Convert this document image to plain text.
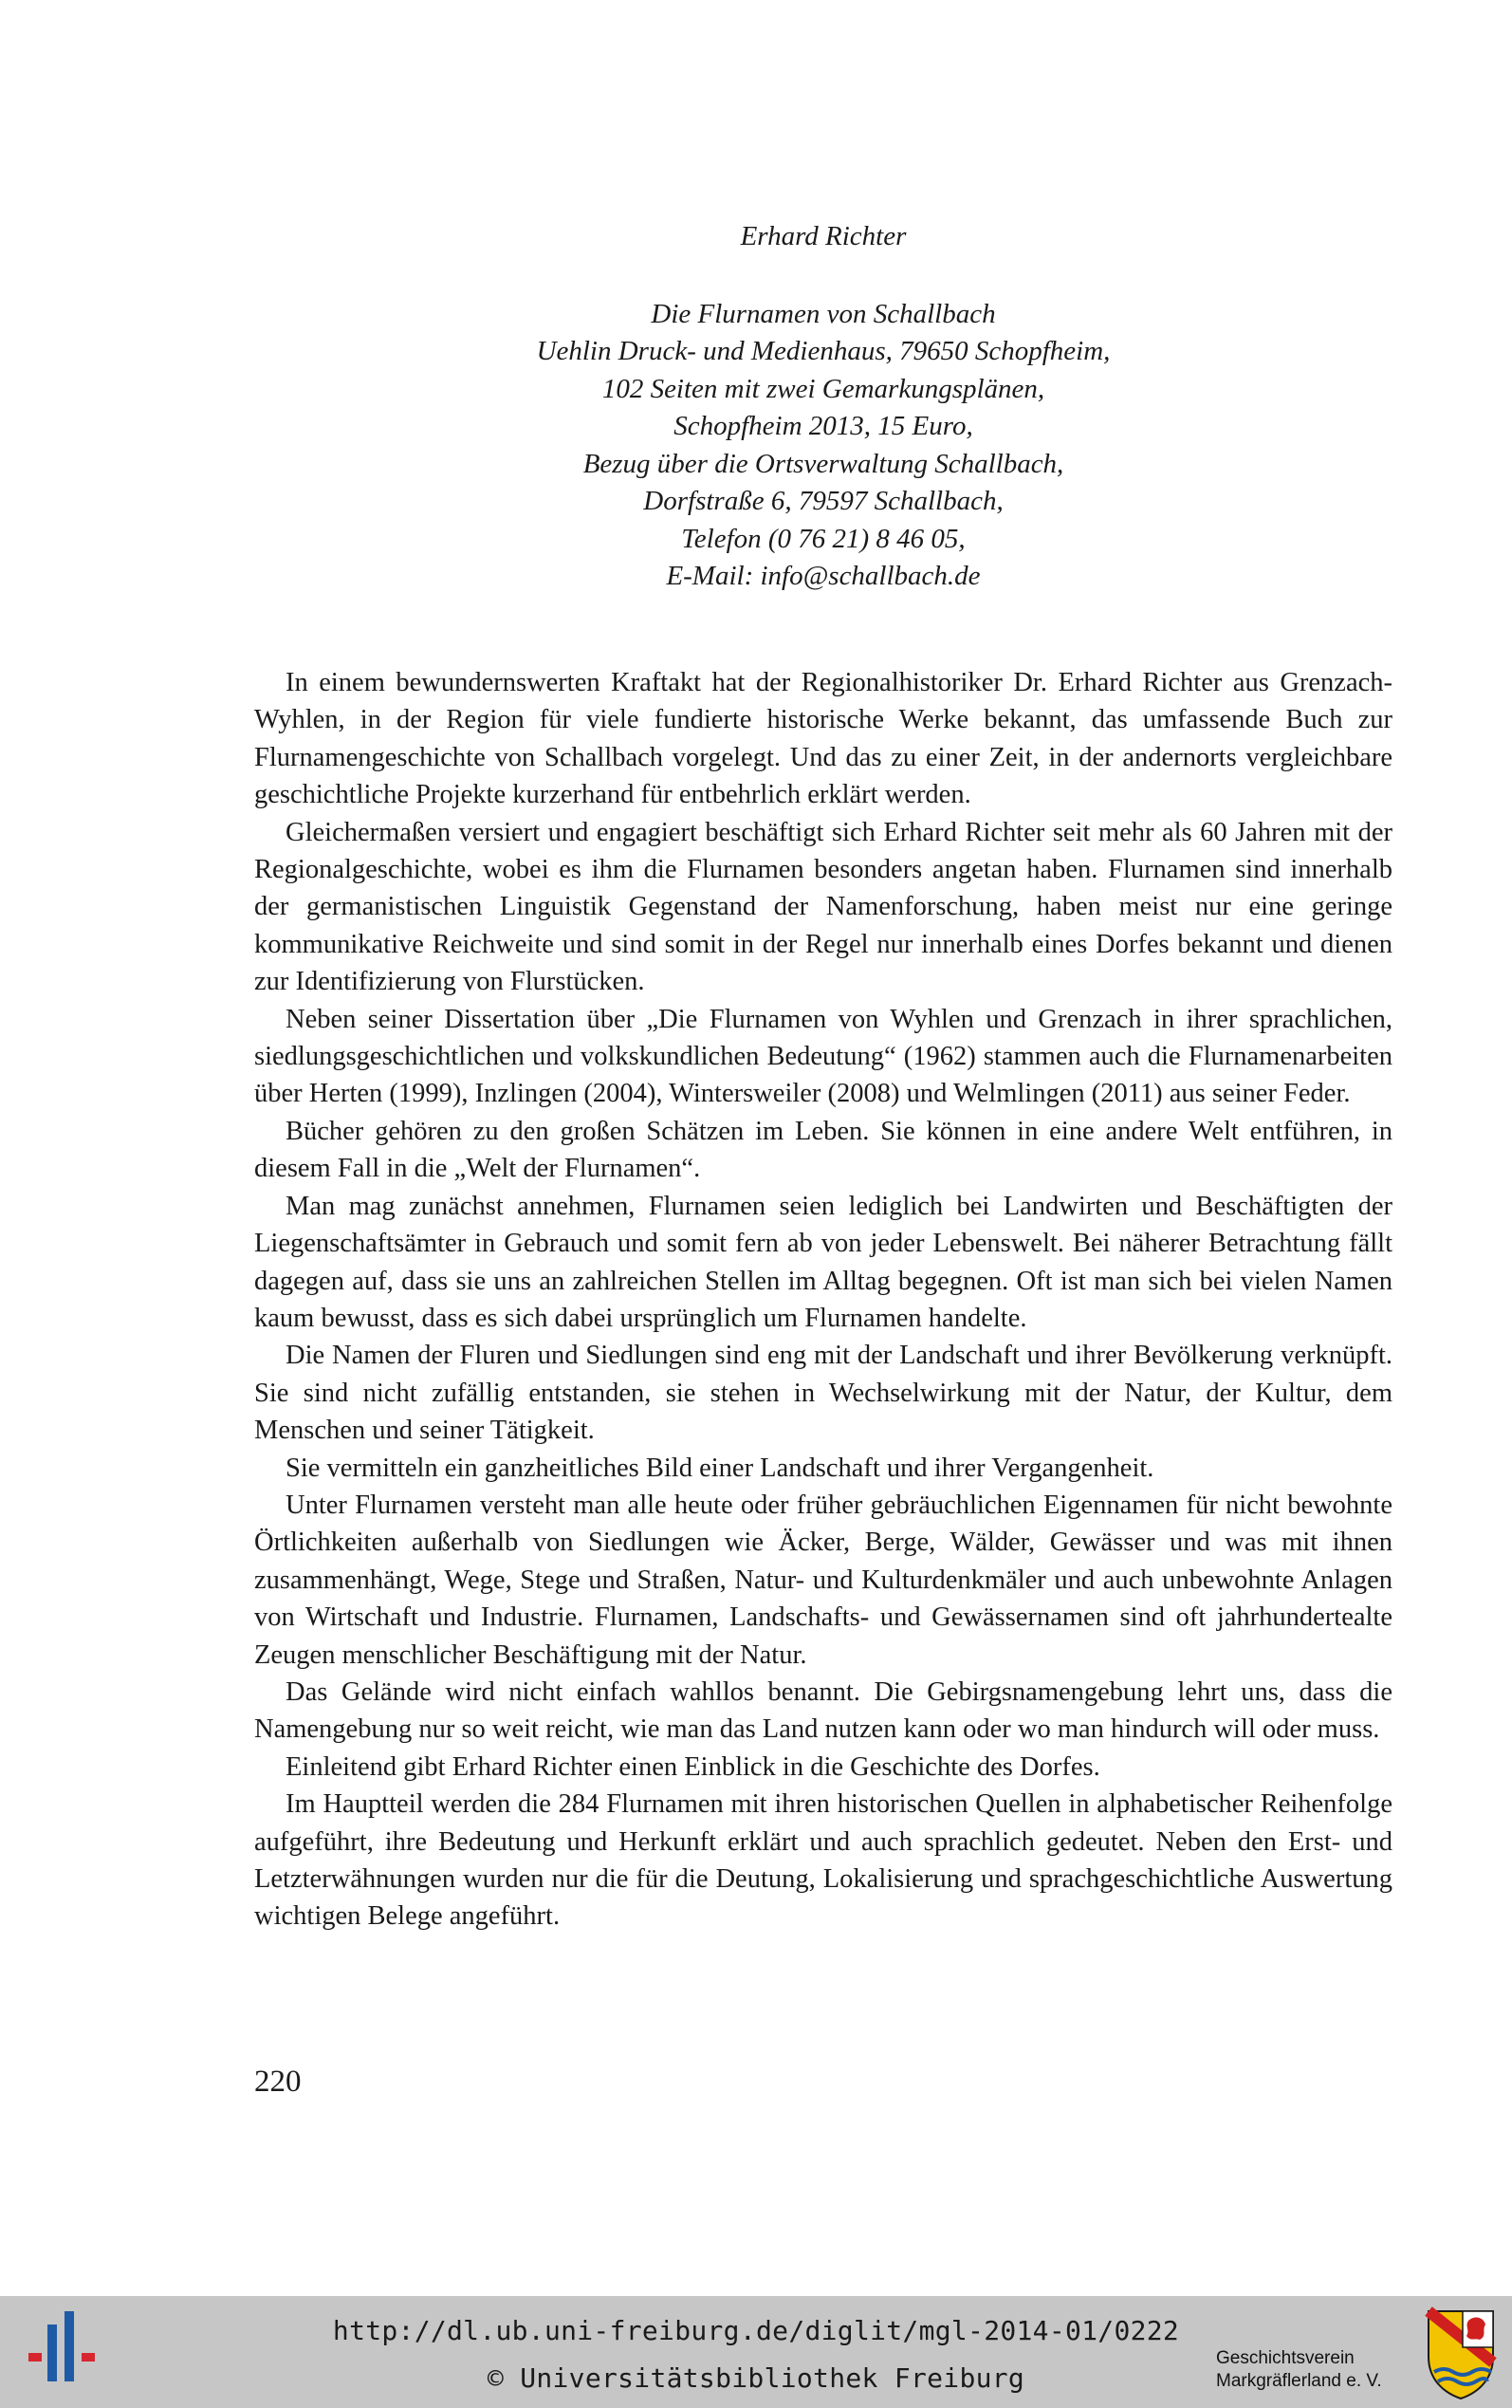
Erhard Richter
Die Flurnamen von Schallbach
Uehlin Druck- und Medienhaus, 79650 Schopfheim,
102 Seiten mit zwei Gemarkungsplänen,
Schopfheim 2013, 15 Euro,
Bezug über die Ortsverwaltung Schallbach,
Dorfstraße 6, 79597 Schallbach,
Telefon (0 76 21) 8 46 05,
E-Mail: info@schallbach.de

In einem bewundernswerten Kraftakt hat der Regionalhistoriker Dr. Erhard Richter aus Grenzach-Wyhlen, in der Region für viele fundierte historische Werke bekannt, das umfassende Buch zur Flurnamengeschichte von Schallbach vorgelegt. Und das zu einer Zeit, in der andernorts vergleichbare geschichtliche Projekte kurzerhand für entbehrlich erklärt werden.

Gleichermaßen versiert und engagiert beschäftigt sich Erhard Richter seit mehr als 60 Jahren mit der Regionalgeschichte, wobei es ihm die Flurnamen besonders angetan haben. Flurnamen sind innerhalb der germanistischen Linguistik Gegenstand der Namenforschung, haben meist nur eine geringe kommunikative Reichweite und sind somit in der Regel nur innerhalb eines Dorfes bekannt und dienen zur Identifizierung von Flurstücken.

Neben seiner Dissertation über „Die Flurnamen von Wyhlen und Grenzach in ihrer sprachlichen, siedlungsgeschichtlichen und volkskundlichen Bedeutung“ (1962) stammen auch die Flurnamenarbeiten über Herten (1999), Inzlingen (2004), Wintersweiler (2008) und Welmlingen (2011) aus seiner Feder.

Bücher gehören zu den großen Schätzen im Leben. Sie können in eine andere Welt entführen, in diesem Fall in die „Welt der Flurnamen“.

Man mag zunächst annehmen, Flurnamen seien lediglich bei Landwirten und Beschäftigten der Liegenschaftsämter in Gebrauch und somit fern ab von jeder Lebenswelt. Bei näherer Betrachtung fällt dagegen auf, dass sie uns an zahlreichen Stellen im Alltag begegnen. Oft ist man sich bei vielen Namen kaum bewusst, dass es sich dabei ursprünglich um Flurnamen handelte.

Die Namen der Fluren und Siedlungen sind eng mit der Landschaft und ihrer Bevölkerung verknüpft. Sie sind nicht zufällig entstanden, sie stehen in Wechselwirkung mit der Natur, der Kultur, dem Menschen und seiner Tätigkeit.

Sie vermitteln ein ganzheitliches Bild einer Landschaft und ihrer Vergangenheit.

Unter Flurnamen versteht man alle heute oder früher gebräuchlichen Eigennamen für nicht bewohnte Örtlichkeiten außerhalb von Siedlungen wie Äcker, Berge, Wälder, Gewässer und was mit ihnen zusammenhängt, Wege, Stege und Straßen, Natur- und Kulturdenkmäler und auch unbewohnte Anlagen von Wirtschaft und Industrie. Flurnamen, Landschafts- und Gewässernamen sind oft jahrhundertealte Zeugen menschlicher Beschäftigung mit der Natur.

Das Gelände wird nicht einfach wahllos benannt. Die Gebirgsnamengebung lehrt uns, dass die Namengebung nur so weit reicht, wie man das Land nutzen kann oder wo man hindurch will oder muss.

Einleitend gibt Erhard Richter einen Einblick in die Geschichte des Dorfes.

Im Hauptteil werden die 284 Flurnamen mit ihren historischen Quellen in alphabetischer Reihenfolge aufgeführt, ihre Bedeutung und Herkunft erklärt und auch sprachlich gedeutet. Neben den Erst- und Letzterwähnungen wurden nur die für die Deutung, Lokalisierung und sprachgeschichtliche Auswertung wichtigen Belege angeführt.

220
http://dl.ub.uni-freiburg.de/diglit/mgl-2014-01/0222
© Universitätsbibliothek Freiburg
Geschichtsverein
Markgräflerland e. V.
